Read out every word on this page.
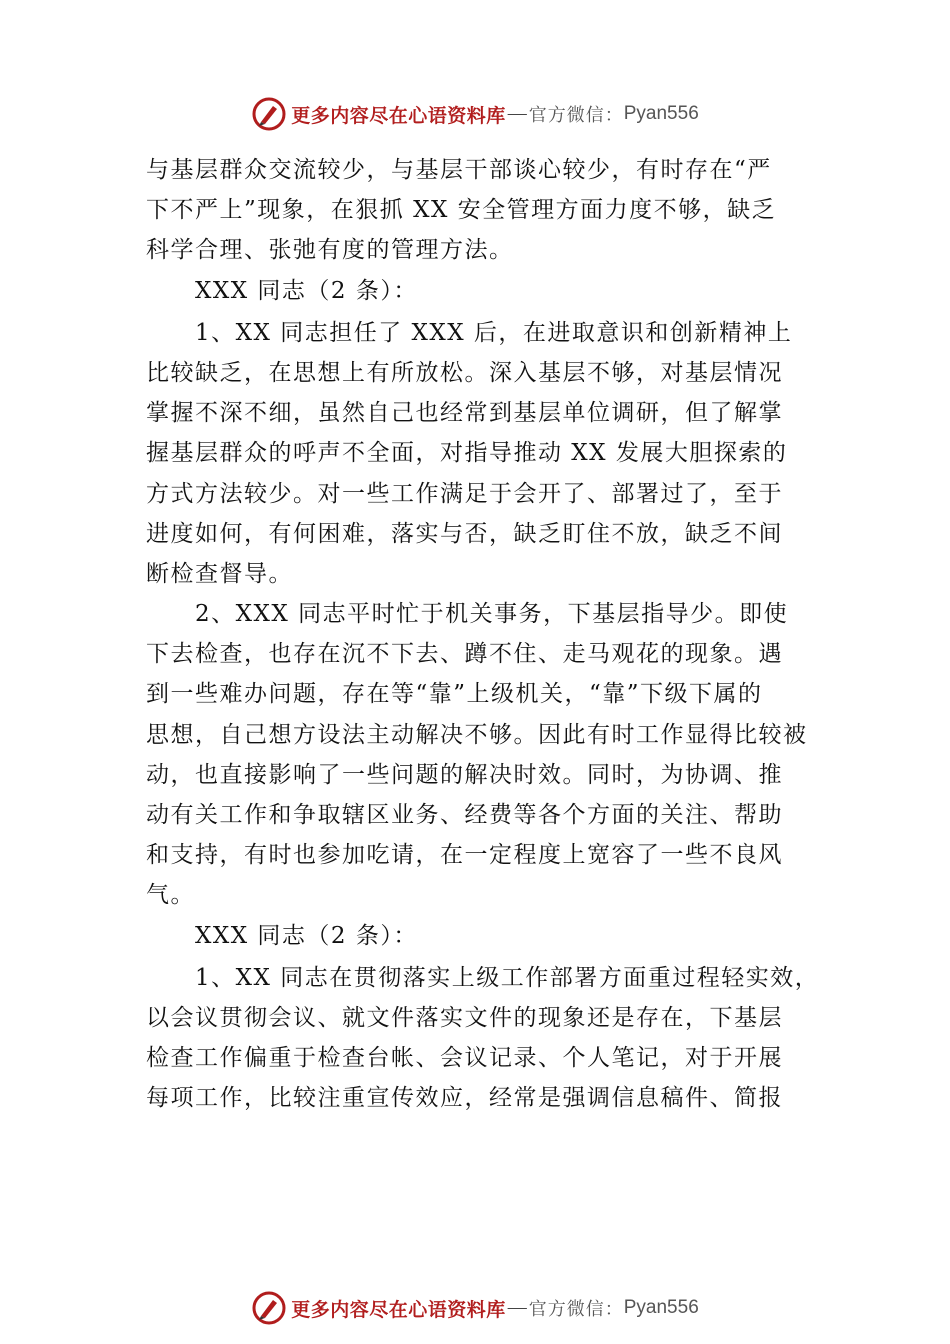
更多内容尽在心语资料库 — 官方微信： Pyan556
与基层群众交流较少，与基层干部谈心较少，有时存在“严
下不严上”现象，在狠抓 XX 安全管理方面力度不够，缺乏
科学合理、张弛有度的管理方法。
XXX 同志（2 条）：
1、XX 同志担任了 XXX 后，在进取意识和创新精神上
比较缺乏，在思想上有所放松。深入基层不够，对基层情况
掌握不深不细，虽然自己也经常到基层单位调研，但了解掌
握基层群众的呼声不全面，对指导推动 XX 发展大胆探索的
方式方法较少。对一些工作满足于会开了、部署过了，至于
进度如何，有何困难，落实与否，缺乏盯住不放，缺乏不间
断检查督导。
2、XXX 同志平时忙于机关事务，下基层指导少。即使
下去检查，也存在沉不下去、蹲不住、走马观花的现象。遇
到一些难办问题，存在等“靠”上级机关，“靠”下级下属的
思想，自己想方设法主动解决不够。因此有时工作显得比较被
动，也直接影响了一些问题的解决时效。同时，为协调、推
动有关工作和争取辖区业务、经费等各个方面的关注、帮助
和支持，有时也参加吃请，在一定程度上宽容了一些不良风
气。
XXX 同志（2 条）：
1、XX 同志在贯彻落实上级工作部署方面重过程轻实效，
以会议贯彻会议、就文件落实文件的现象还是存在，下基层
检查工作偏重于检查台帐、会议记录、个人笔记，对于开展
每项工作，比较注重宣传效应，经常是强调信息稿件、简报
更多内容尽在心语资料库 — 官方微信： Pyan556
